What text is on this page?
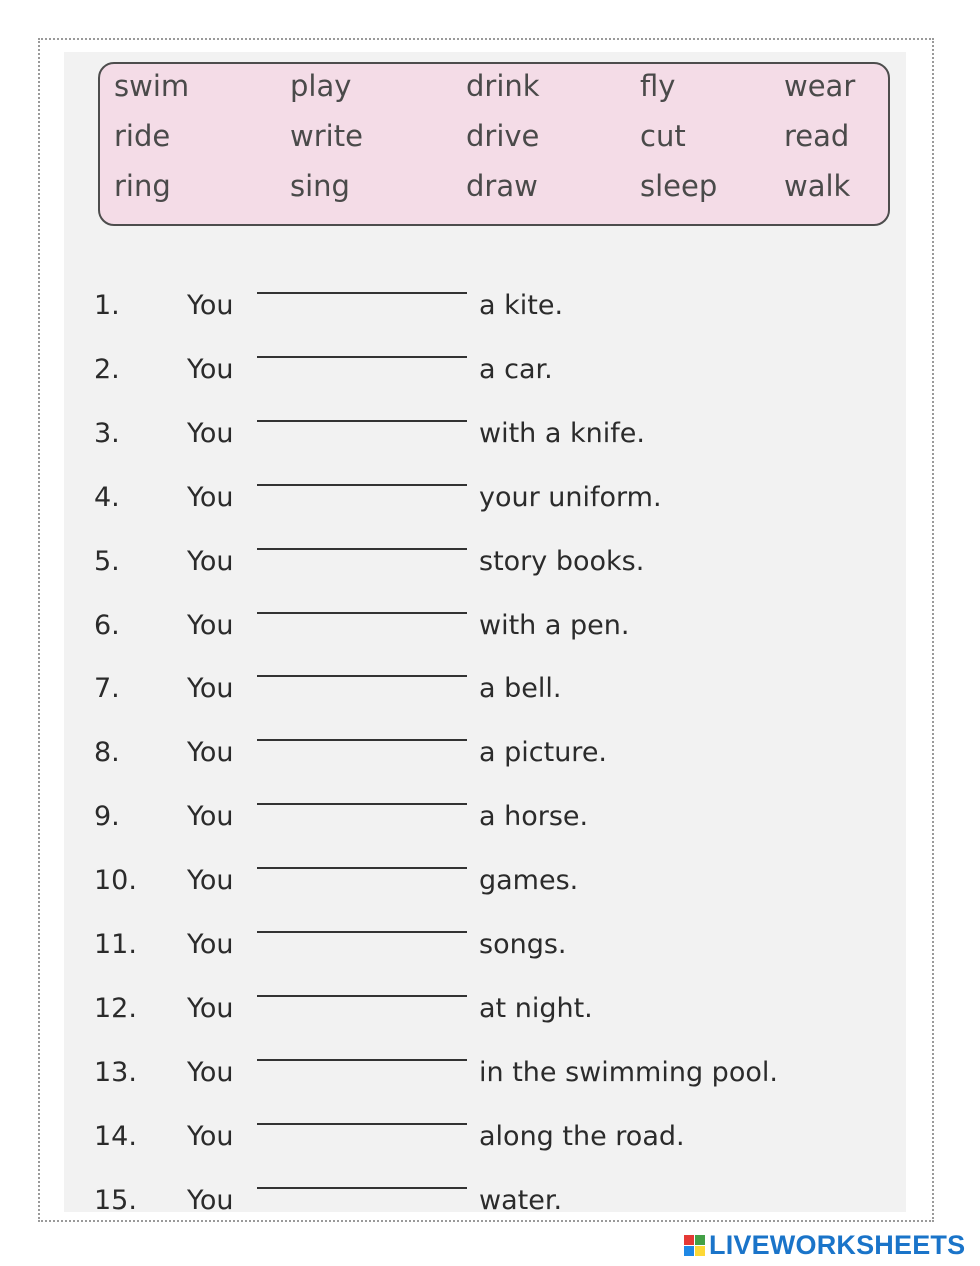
swim	play	drink	fly	wear
ride	write	drive	cut	read
ring	sing	draw	sleep walk
1. You	a kite.
2. You	a car.
3. You	with a knife.
4. You	your uniform.
5. You	story books.
6. You	with a pen.
7. You	a bell.
8. You	a picture.
9. You	a horse.
10. You	games.
11. You	songs.
12. You	at night.
13. You	in the swimming pool.
14. You	along the road.
15. You	water.
LIVEWORKSHEETS
